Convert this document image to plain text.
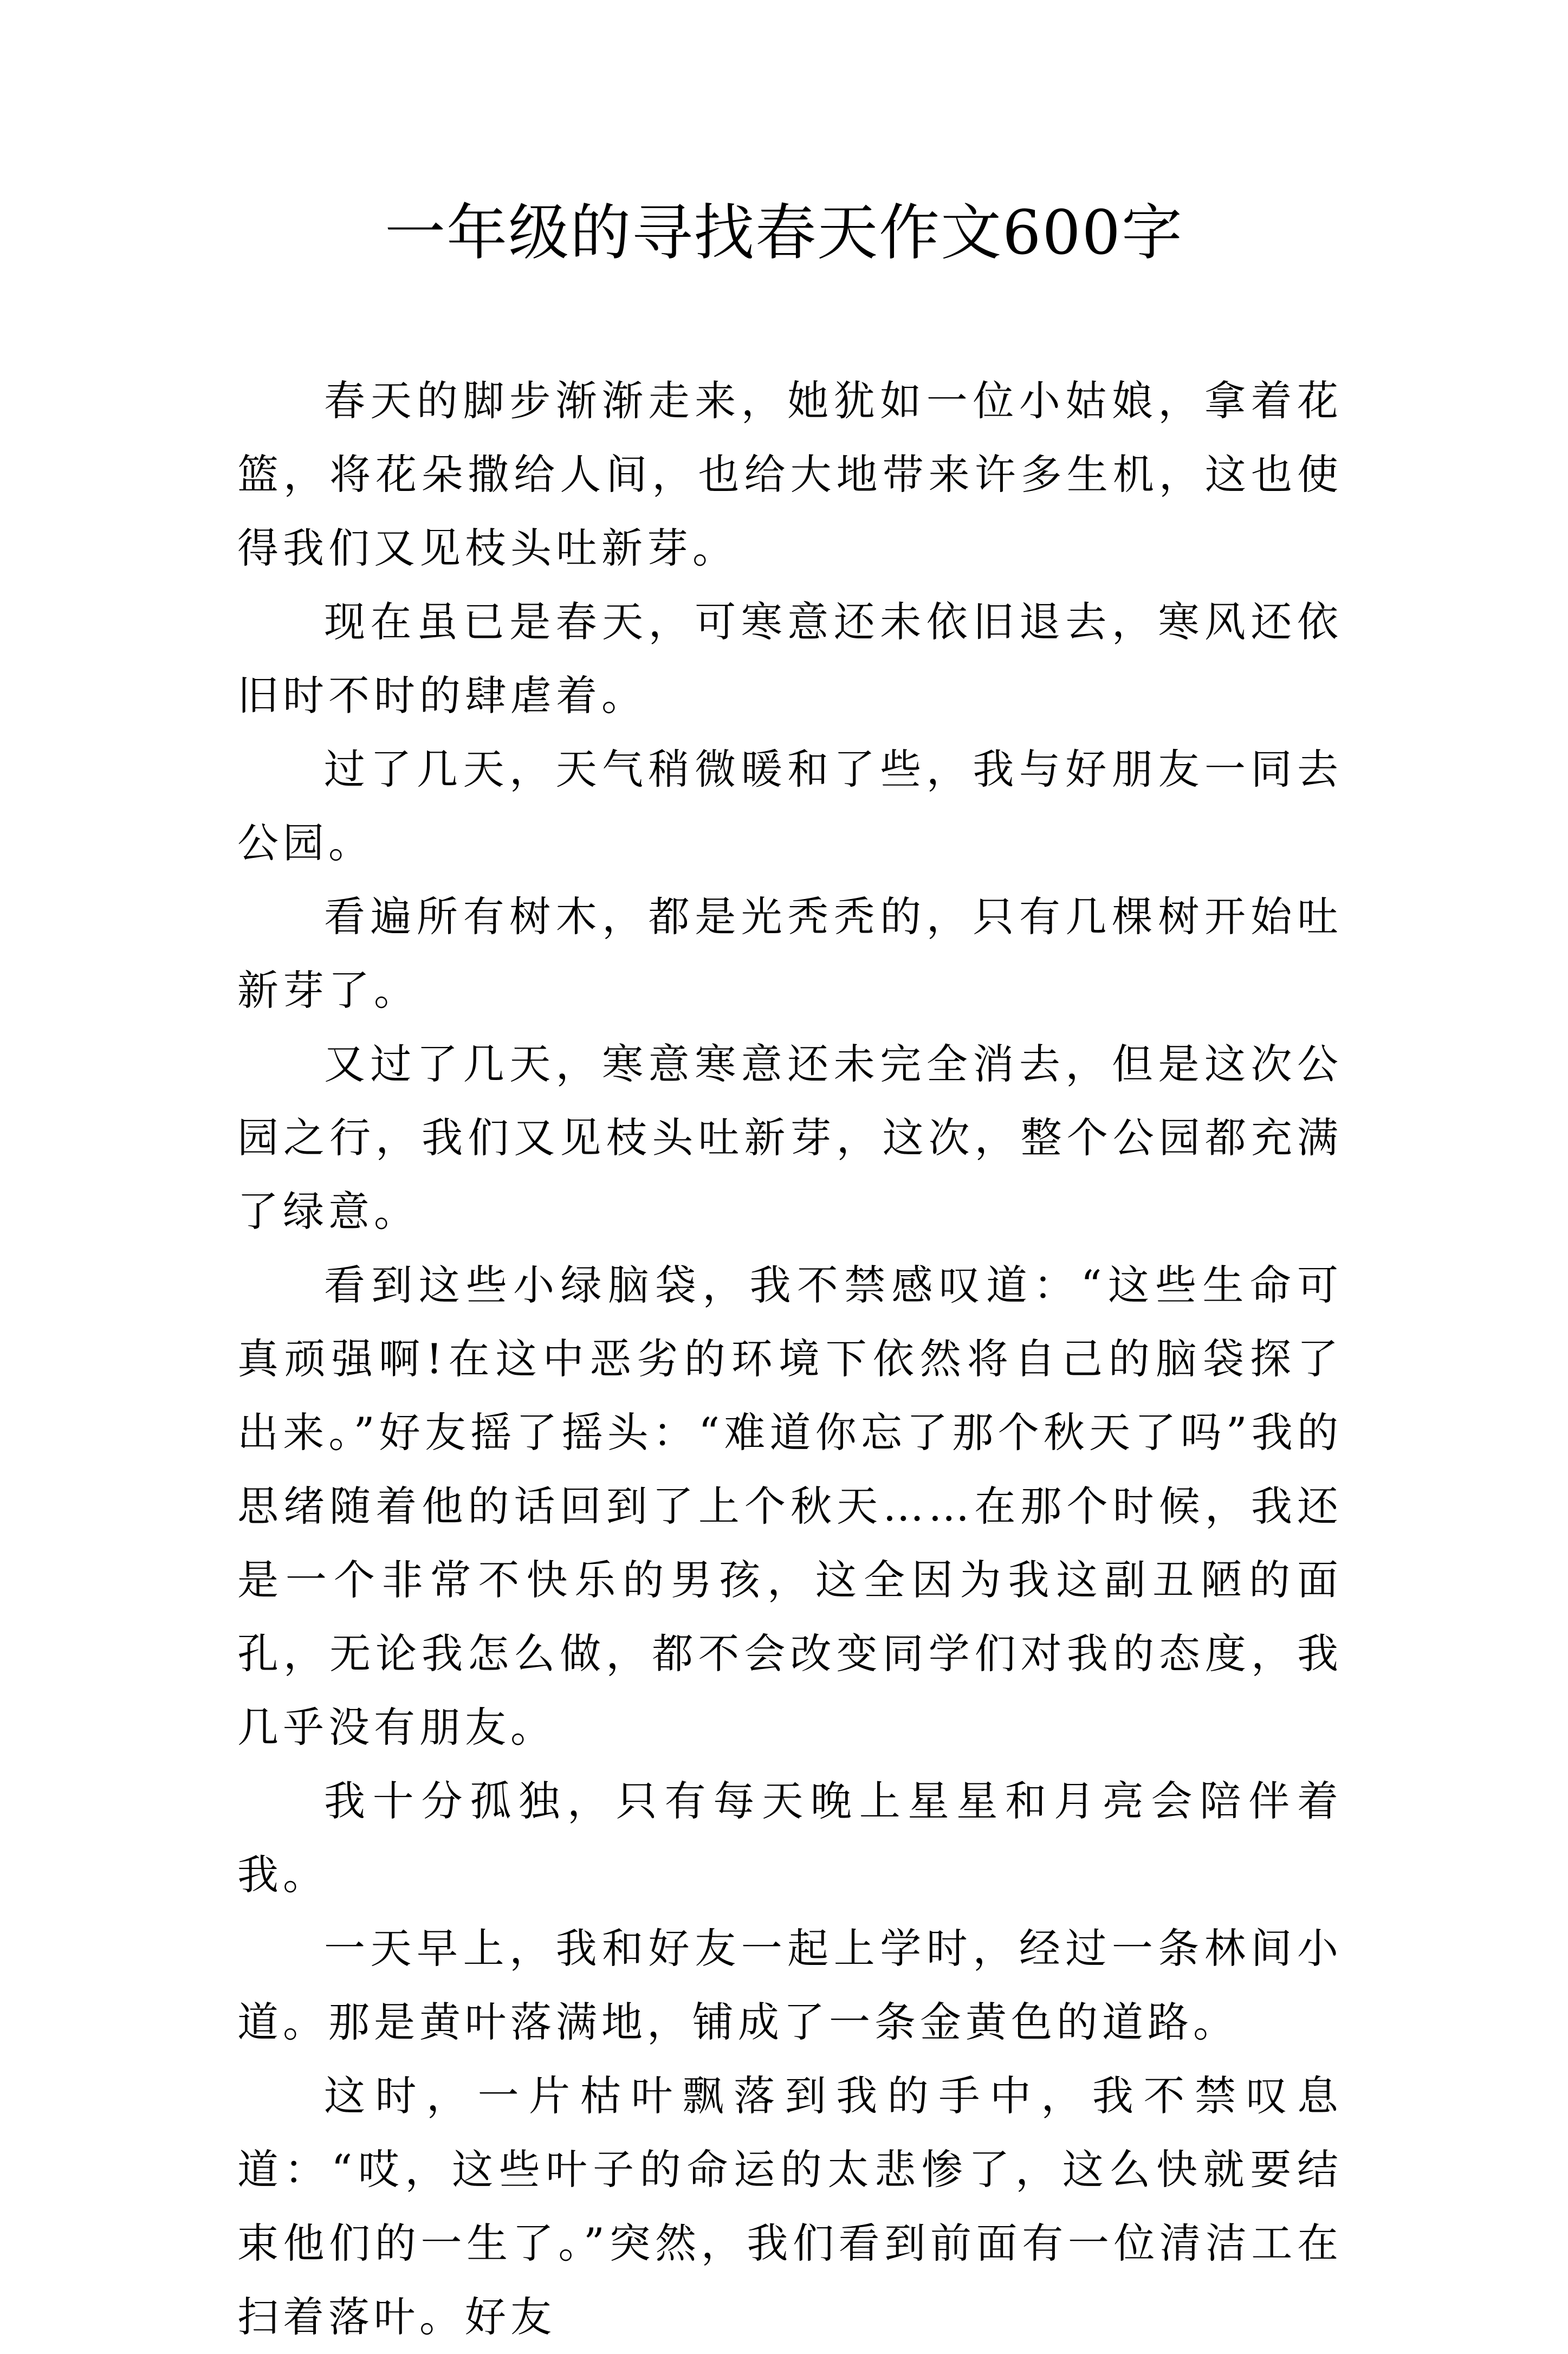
一年级的寻找春天作文600字

春天的脚步渐渐走来，她犹如一位小姑娘，拿着花篮，将花朵撒给人间，也给大地带来许多生机，这也使得我们又见枝头吐新芽。

现在虽已是春天，可寒意还未依旧退去，寒风还依旧时不时的肆虐着。

过了几天，天气稍微暖和了些，我与好朋友一同去公园。

看遍所有树木，都是光秃秃的，只有几棵树开始吐新芽了。

又过了几天，寒意寒意还未完全消去，但是这次公园之行，我们又见枝头吐新芽，这次，整个公园都充满了绿意。

看到这些小绿脑袋，我不禁感叹道：“这些生命可真顽强啊!在这中恶劣的环境下依然将自己的脑袋探了出来。”好友摇了摇头：“难道你忘了那个秋天了吗”我的思绪随着他的话回到了上个秋天……在那个时候，我还是一个非常不快乐的男孩，这全因为我这副丑陋的面孔，无论我怎么做，都不会改变同学们对我的态度，我几乎没有朋友。

我十分孤独，只有每天晚上星星和月亮会陪伴着我。

一天早上，我和好友一起上学时，经过一条林间小道。那是黄叶落满地，铺成了一条金黄色的道路。

这时，一片枯叶飘落到我的手中，我不禁叹息道：“哎，这些叶子的命运的太悲惨了，这么快就要结束他们的一生了。”突然，我们看到前面有一位清洁工在扫着落叶。好友
